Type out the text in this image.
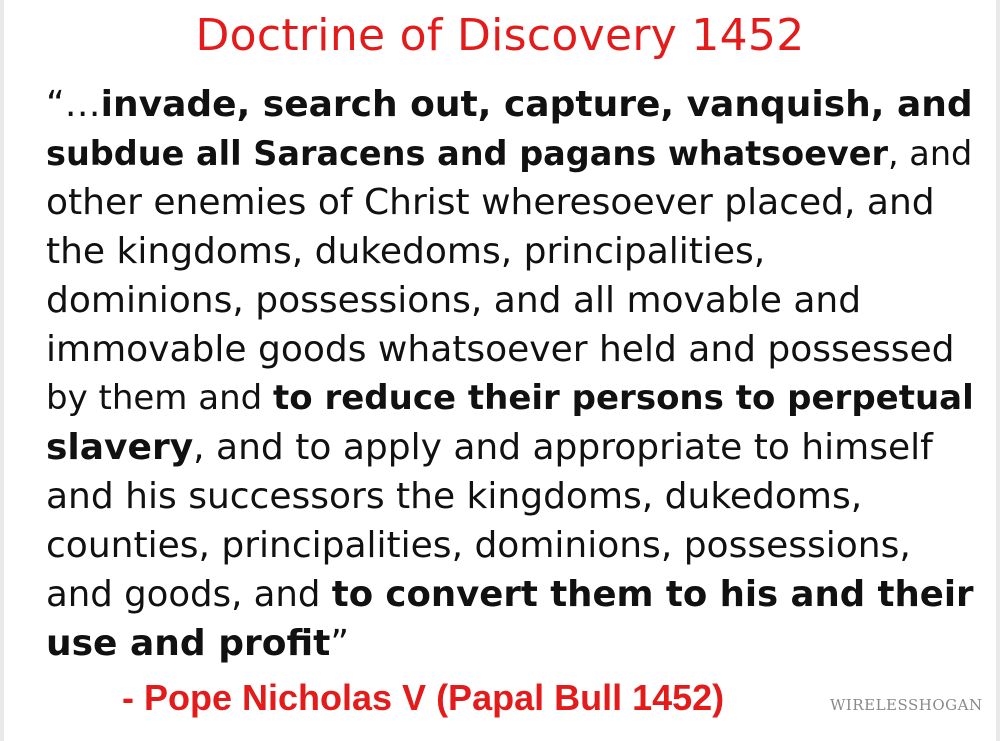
Doctrine of Discovery 1452
“…invade, search out, capture, vanquish, and
subdue all Saracens and pagans whatsoever, and
other enemies of Christ wheresoever placed, and
the kingdoms, dukedoms, principalities,
dominions, possessions, and all movable and
immovable goods whatsoever held and possessed
by them and to reduce their persons to perpetual
slavery, and to apply and appropriate to himself
and his successors the kingdoms, dukedoms,
counties, principalities, dominions, possessions,
and goods, and to convert them to his and their
use and profit”
- Pope Nicholas V (Papal Bull 1452)	WIRELESSHOGAN
